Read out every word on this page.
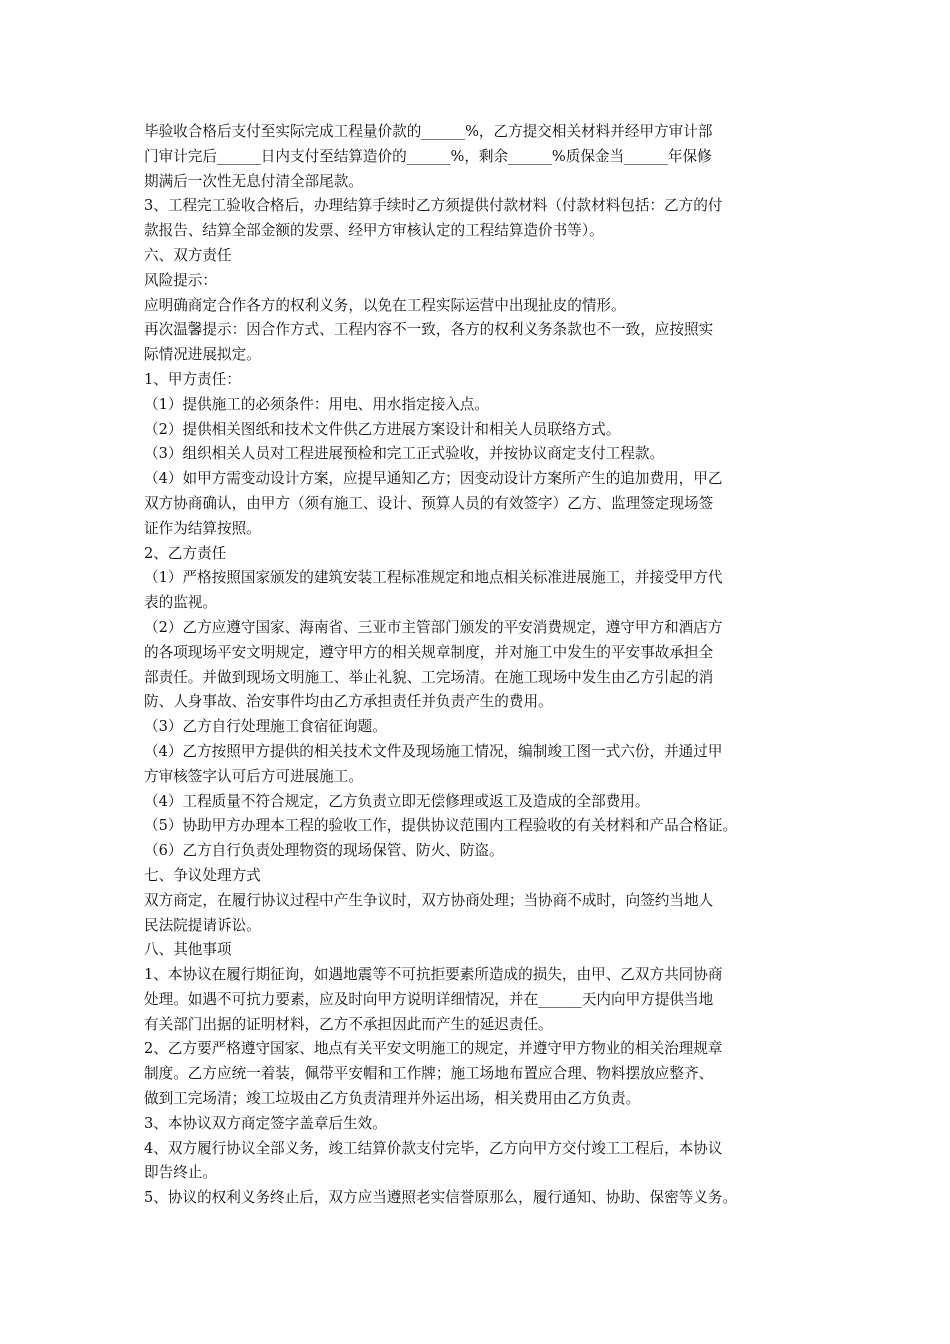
毕验收合格后支付至实际完成工程量价款的______%，乙方提交相关材料并经甲方审计部

门审计完后______日内支付至结算造价的______%，剩余______%质保金当______年保修

期满后一次性无息付清全部尾款。

3、工程完工验收合格后，办理结算手续时乙方须提供付款材料（付款材料包括：乙方的付

款报告、结算全部金额的发票、经甲方审核认定的工程结算造价书等）。

六、双方责任

风险提示：

应明确商定合作各方的权利义务，以免在工程实际运营中出现扯皮的情形。

再次温馨提示：因合作方式、工程内容不一致，各方的权利义务条款也不一致，应按照实

际情况进展拟定。

1、甲方责任：

（1）提供施工的必须条件：用电、用水指定接入点。

（2）提供相关图纸和技术文件供乙方进展方案设计和相关人员联络方式。

（3）组织相关人员对工程进展预检和完工正式验收，并按协议商定支付工程款。

（4）如甲方需变动设计方案，应提早通知乙方；因变动设计方案所产生的追加费用，甲乙

双方协商确认，由甲方（须有施工、设计、预算人员的有效签字）乙方、监理签定现场签

证作为结算按照。

2、乙方责任

（1）严格按照国家颁发的建筑安装工程标准规定和地点相关标准进展施工，并接受甲方代

表的监视。

（2）乙方应遵守国家、海南省、三亚市主管部门颁发的平安消费规定，遵守甲方和酒店方

的各项现场平安文明规定，遵守甲方的相关规章制度，并对施工中发生的平安事故承担全

部责任。并做到现场文明施工、举止礼貌、工完场清。在施工现场中发生由乙方引起的消

防、人身事故、治安事件均由乙方承担责任并负责产生的费用。

（3）乙方自行处理施工食宿征询题。

（4）乙方按照甲方提供的相关技术文件及现场施工情况，编制竣工图一式六份，并通过甲

方审核签字认可后方可进展施工。

（4）工程质量不符合规定，乙方负责立即无偿修理或返工及造成的全部费用。

（5）协助甲方办理本工程的验收工作，提供协议范围内工程验收的有关材料和产品合格证。

（6）乙方自行负责处理物资的现场保管、防火、防盗。

七、争议处理方式

双方商定，在履行协议过程中产生争议时，双方协商处理；当协商不成时，向签约当地人

民法院提请诉讼。

八、其他事项

1、本协议在履行期征询，如遇地震等不可抗拒要素所造成的损失，由甲、乙双方共同协商

处理。如遇不可抗力要素，应及时向甲方说明详细情况，并在______天内向甲方提供当地

有关部门出据的证明材料，乙方不承担因此而产生的延迟责任。

2、乙方要严格遵守国家、地点有关平安文明施工的规定，并遵守甲方物业的相关治理规章

制度。乙方应统一着装，佩带平安帽和工作牌；施工场地布置应合理、物料摆放应整齐、

做到工完场清；竣工垃圾由乙方负责清理并外运出场，相关费用由乙方负责。

3、本协议双方商定签字盖章后生效。

4、双方履行协议全部义务，竣工结算价款支付完毕，乙方向甲方交付竣工工程后，本协议

即告终止。

5、协议的权利义务终止后，双方应当遵照老实信誉原那么，履行通知、协助、保密等义务。
